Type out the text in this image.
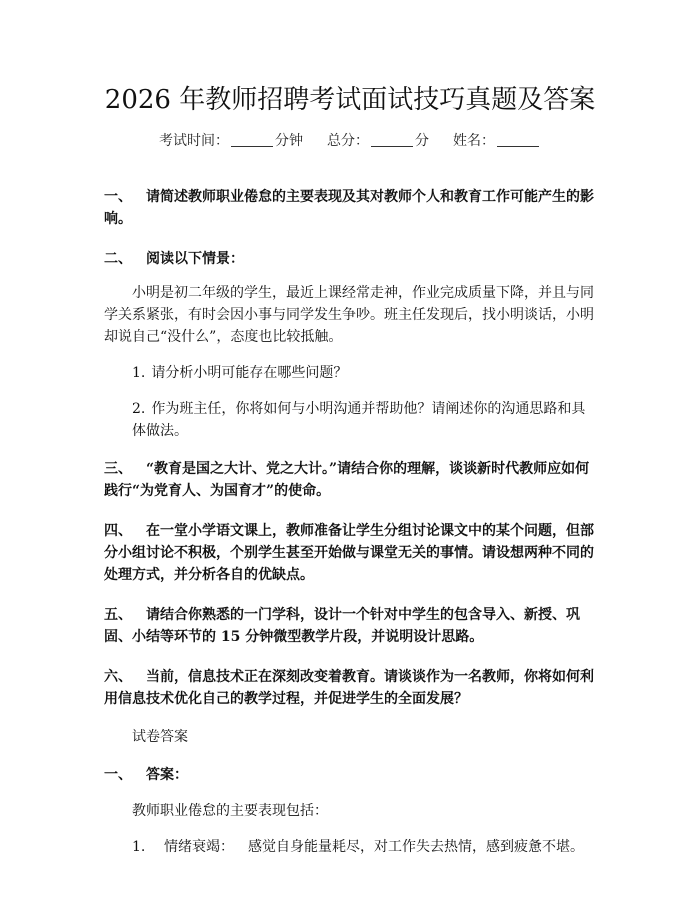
2026 年教师招聘考试面试技巧真题及答案
考试时间：	分钟 总分：	分 姓名：
一、 请简述教师职业倦怠的主要表现及其对教师个人和教育工作可能产生的影响。
二、 阅读以下情景：
小明是初二年级的学生，最近上课经常走神，作业完成质量下降，并且与同学关系紧张，有时会因小事与同学发生争吵。班主任发现后，找小明谈话，小明却说自己“没什么”，态度也比较抵触。
1. 请分析小明可能存在哪些问题？
2. 作为班主任，你将如何与小明沟通并帮助他？请阐述你的沟通思路和具体做法。
三、 “教育是国之大计、党之大计。”请结合你的理解，谈谈新时代教师应如何践行“为党育人、为国育才”的使命。
四、 在一堂小学语文课上，教师准备让学生分组讨论课文中的某个问题，但部分小组讨论不积极，个别学生甚至开始做与课堂无关的事情。请设想两种不同的处理方式，并分析各自的优缺点。
五、 请结合你熟悉的一门学科，设计一个针对中学生的包含导入、新授、巩固、小结等环节的 15 分钟微型教学片段，并说明设计思路。
六、 当前，信息技术正在深刻改变着教育。请谈谈作为一名教师，你将如何利用信息技术优化自己的教学过程，并促进学生的全面发展？
试卷答案
一、 答案：
教师职业倦怠的主要表现包括：
1. 情绪衰竭： 感觉自身能量耗尽，对工作失去热情，感到疲惫不堪。
